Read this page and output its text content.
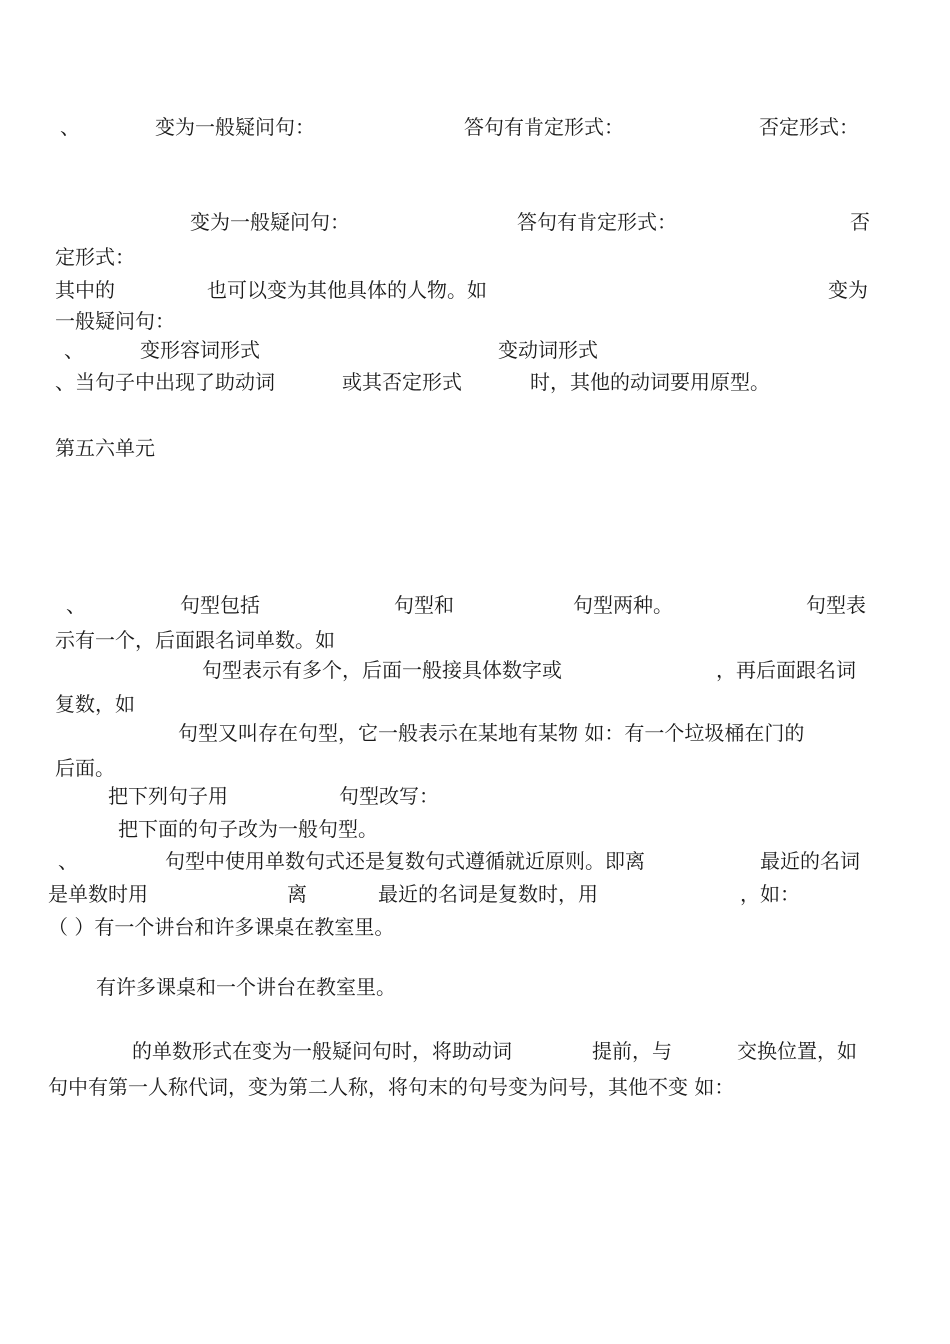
、	变为一般疑问句：	答句有肯定形式：	否定形式：
变为一般疑问句：	答句有肯定形式：	否
定形式：
其中的	也可以变为其他具体的人物。如	变为
一般疑问句：
、	变形容词形式	变动词形式
、当句子中出现了助动词	或其否定形式	时，其他的动词要用原型。
第五六单元
、	句型包括	句型和	句型两种。	句型表
示有一个，后面跟名词单数。如
句型表示有多个，后面一般接具体数字或	，再后面跟名词
复数，如
句型又叫存在句型，它一般表示在某地有某物 如：有一个垃圾桶在门的
后面。
把下列句子用	句型改写：
把下面的句子改为一般句型。
、	句型中使用单数句式还是复数句式遵循就近原则。即离	最近的名词
是单数时用	离	最近的名词是复数时，用	，如：
（ ）有一个讲台和许多课桌在教室里。
有许多课桌和一个讲台在教室里。
的单数形式在变为一般疑问句时，将助动词	提前，与	交换位置，如
句中有第一人称代词，变为第二人称，将句末的句号变为问号，其他不变 如：
